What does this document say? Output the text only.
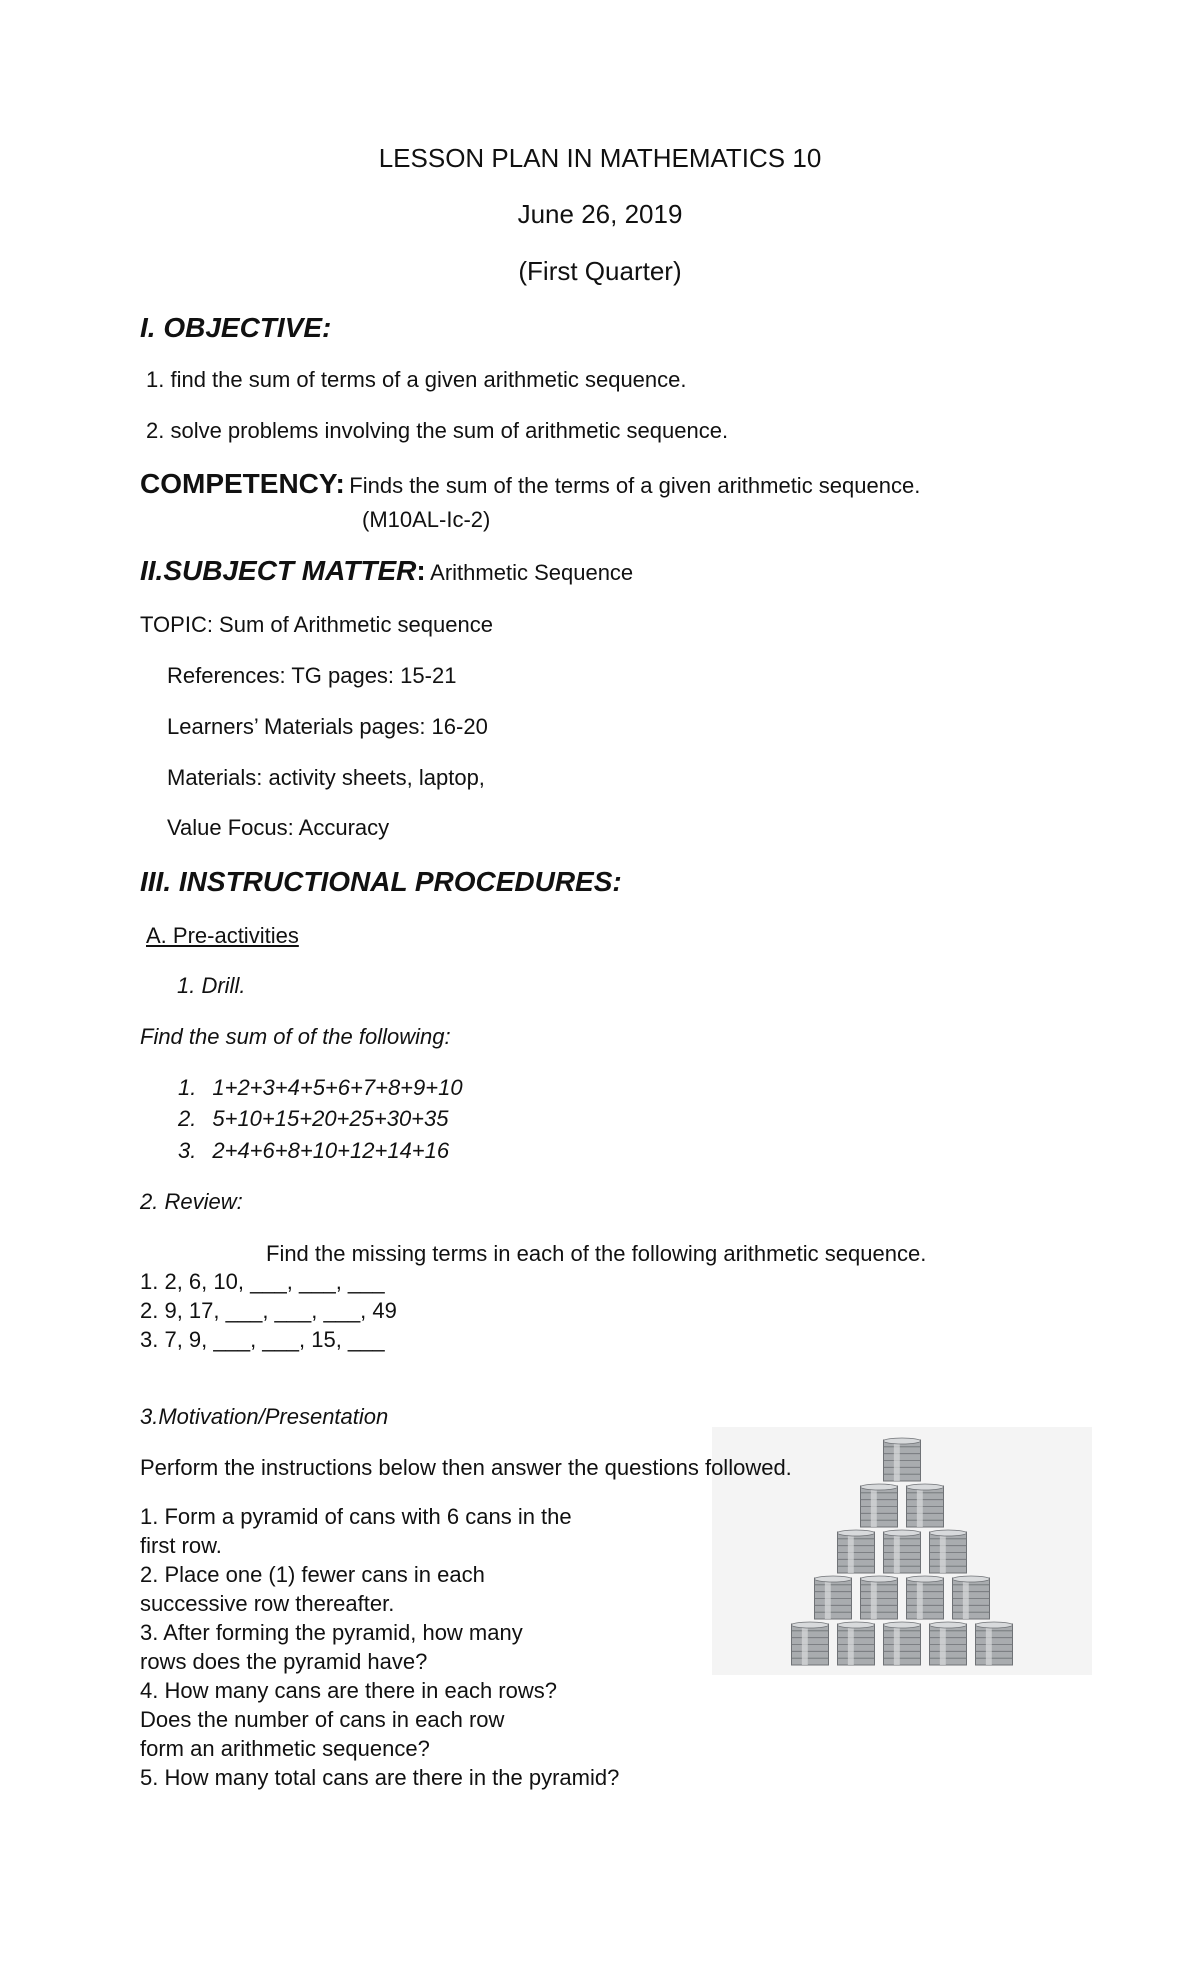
LESSON PLAN IN MATHEMATICS 10
June 26, 2019
(First Quarter)
I. OBJECTIVE:
1. find the sum of terms of a given arithmetic sequence.
2. solve problems involving the sum of arithmetic sequence.
COMPETENCY: Finds the sum of the terms of a given arithmetic sequence.
(M10AL-Ic-2)
II.SUBJECT MATTER: Arithmetic Sequence
TOPIC: Sum of Arithmetic sequence
References: TG pages: 15-21
Learners’ Materials pages: 16-20
Materials: activity sheets, laptop,
Value Focus: Accuracy
III. INSTRUCTIONAL PROCEDURES:
A. Pre-activities
1. Drill.
Find the sum of of the following:
1. 1+2+3+4+5+6+7+8+9+10
2. 5+10+15+20+25+30+35
3. 2+4+6+8+10+12+14+16
2. Review:
Find the missing terms in each of the following arithmetic sequence.
1. 2, 6, 10, ___, ___, ___
2. 9, 17, ___, ___, ___, 49
3. 7, 9, ___, ___, 15, ___
3.Motivation/Presentation
Perform the instructions below then answer the questions followed.
1. Form a pyramid of cans with 6 cans in the
first row.
2. Place one (1) fewer cans in each
successive row thereafter.
3. After forming the pyramid, how many
rows does the pyramid have?
4. How many cans are there in each rows?
Does the number of cans in each row
form an arithmetic sequence?
5. How many total cans are there in the pyramid?
